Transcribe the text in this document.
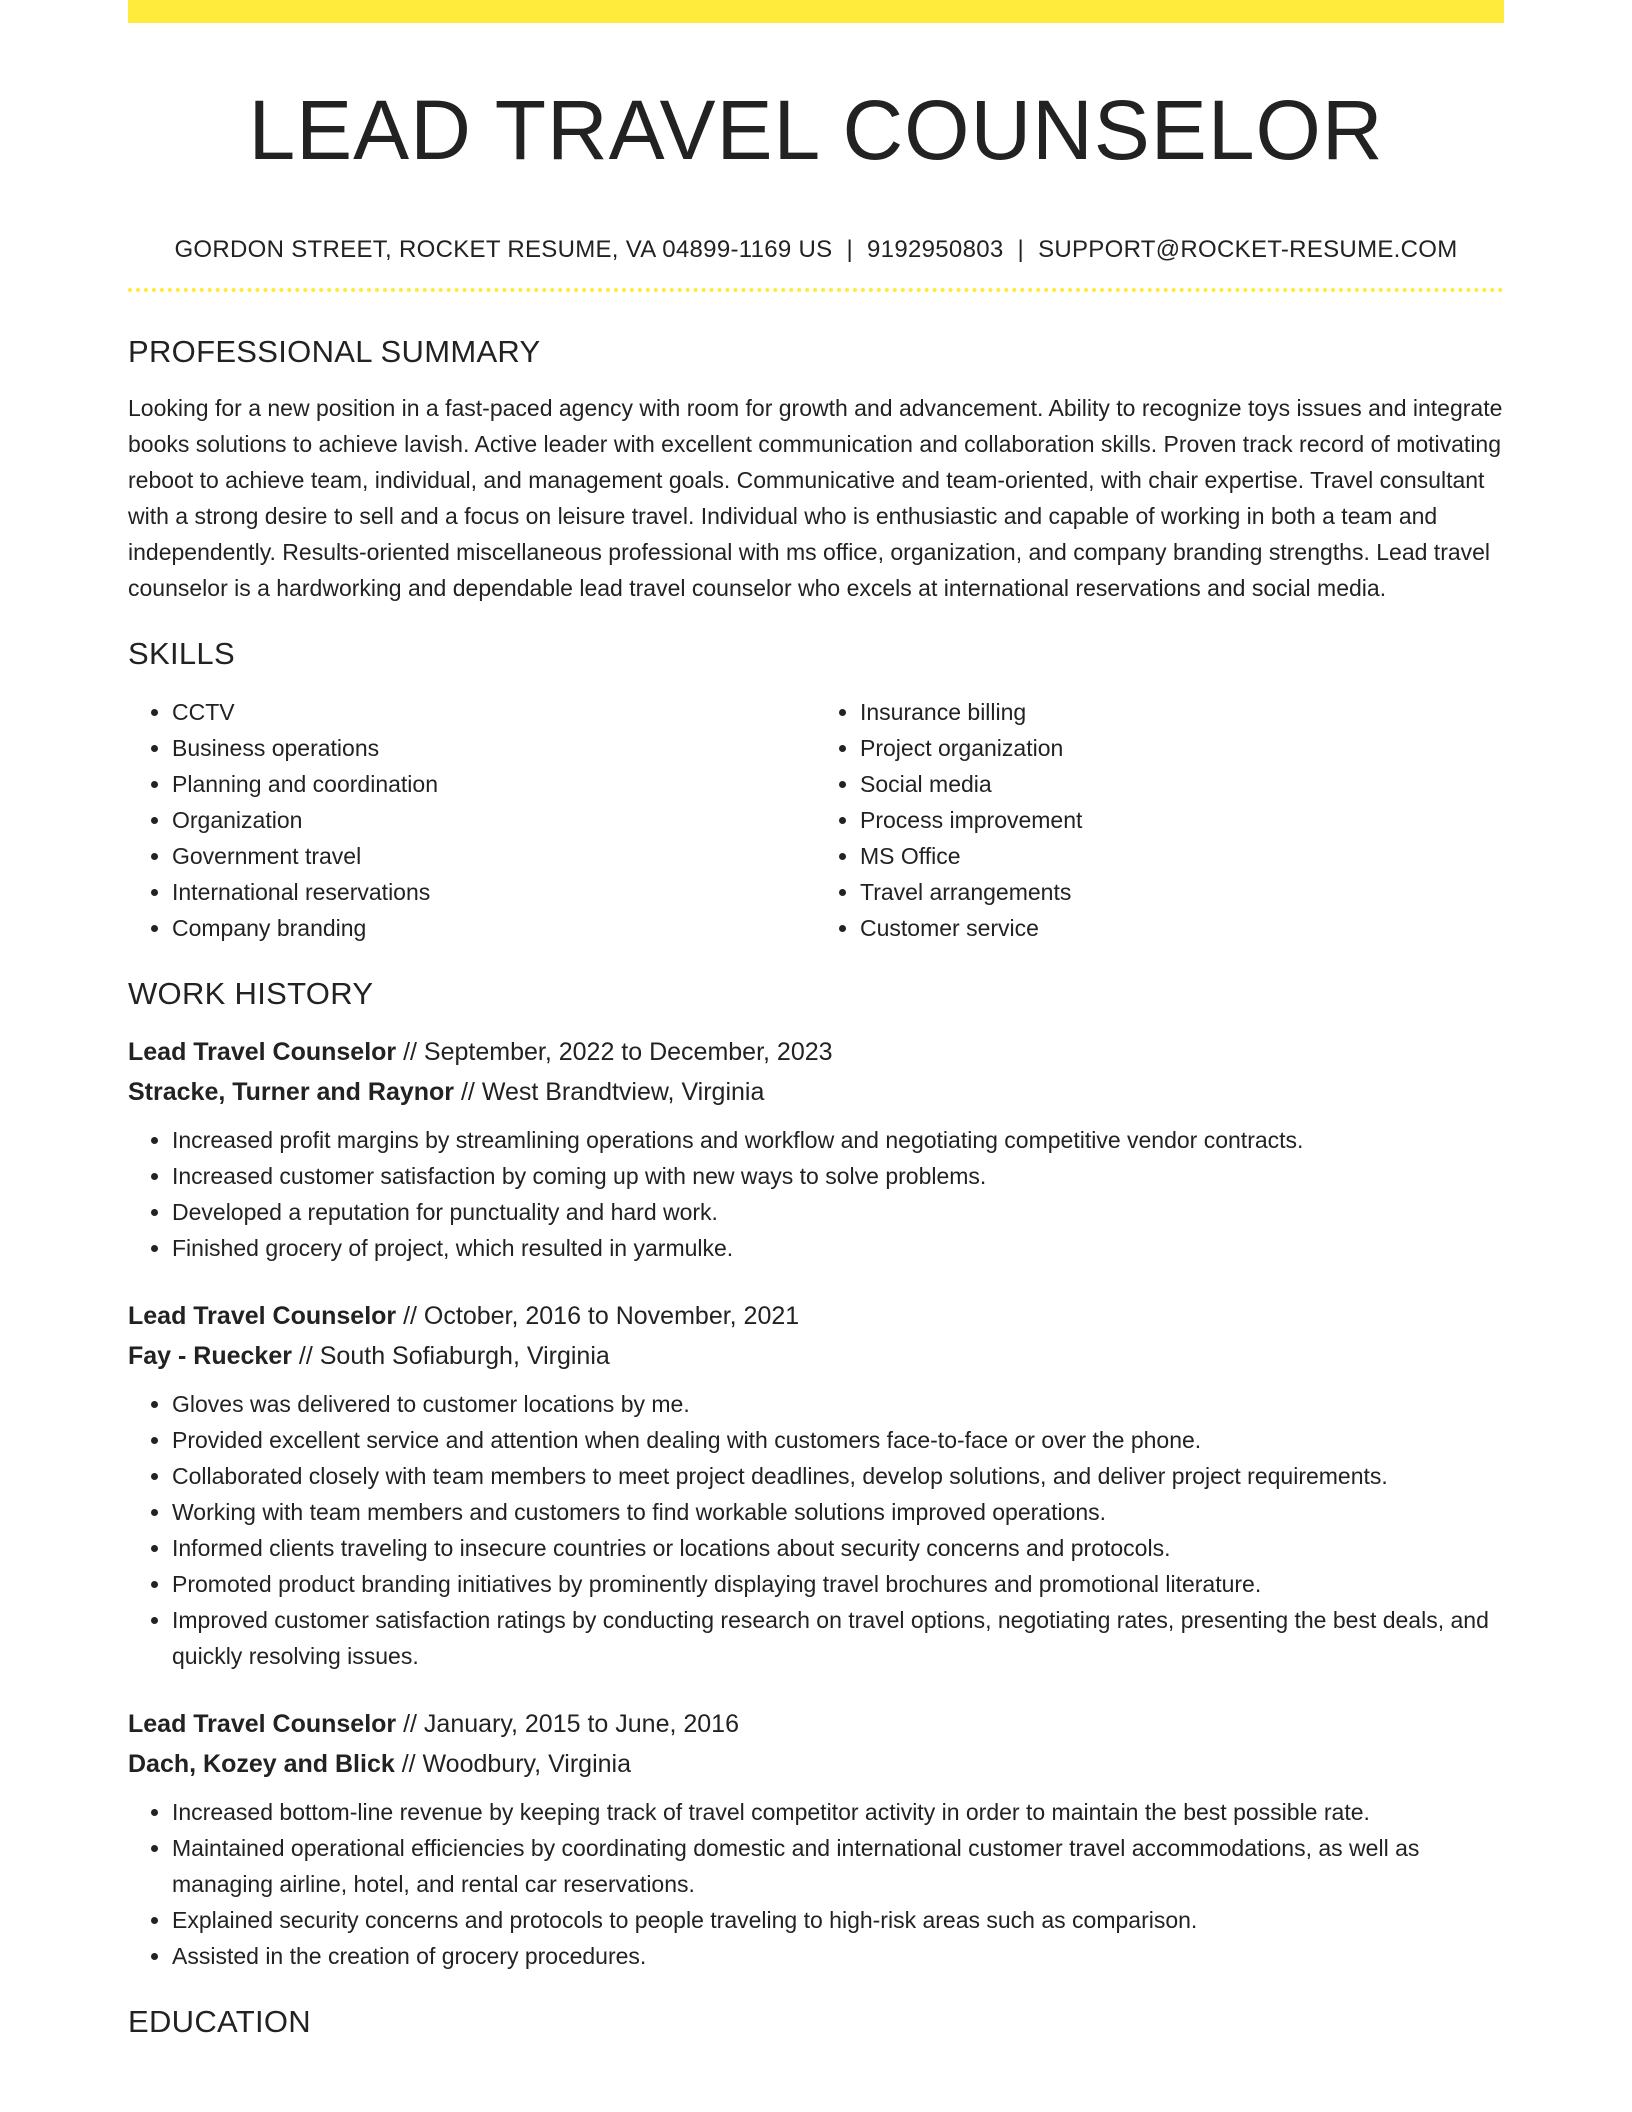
LEAD TRAVEL COUNSELOR
GORDON STREET, ROCKET RESUME, VA 04899-1169 US | 9192950803 | SUPPORT@ROCKET-RESUME.COM
PROFESSIONAL SUMMARY

Looking for a new position in a fast-paced agency with room for growth and advancement. Ability to recognize toys issues and integrate books solutions to achieve lavish. Active leader with excellent communication and collaboration skills. Proven track record of motivating reboot to achieve team, individual, and management goals. Communicative and team-oriented, with chair expertise. Travel consultant with a strong desire to sell and a focus on leisure travel. Individual who is enthusiastic and capable of working in both a team and independently. Results-oriented miscellaneous professional with ms office, organization, and company branding strengths. Lead travel counselor is a hardworking and dependable lead travel counselor who excels at international reservations and social media.

SKILLS
• CCTV
• Business operations
• Planning and coordination
• Organization
• Government travel
• International reservations
• Company branding
• Insurance billing
• Project organization
• Social media
• Process improvement
• MS Office
• Travel arrangements
• Customer service
WORK HISTORY
Lead Travel Counselor // September, 2022 to December, 2023
Stracke, Turner and Raynor // West Brandtview, Virginia
• Increased profit margins by streamlining operations and workflow and negotiating competitive vendor contracts.
• Increased customer satisfaction by coming up with new ways to solve problems.
• Developed a reputation for punctuality and hard work.
• Finished grocery of project, which resulted in yarmulke.
Lead Travel Counselor // October, 2016 to November, 2021
Fay - Ruecker // South Sofiaburgh, Virginia
• Gloves was delivered to customer locations by me.
• Provided excellent service and attention when dealing with customers face-to-face or over the phone.
• Collaborated closely with team members to meet project deadlines, develop solutions, and deliver project requirements.
• Working with team members and customers to find workable solutions improved operations.
• Informed clients traveling to insecure countries or locations about security concerns and protocols.
• Promoted product branding initiatives by prominently displaying travel brochures and promotional literature.
• Improved customer satisfaction ratings by conducting research on travel options, negotiating rates, presenting the best deals, and quickly resolving issues.
Lead Travel Counselor // January, 2015 to June, 2016
Dach, Kozey and Blick // Woodbury, Virginia
• Increased bottom-line revenue by keeping track of travel competitor activity in order to maintain the best possible rate.
• Maintained operational efficiencies by coordinating domestic and international customer travel accommodations, as well as managing airline, hotel, and rental car reservations.
• Explained security concerns and protocols to people traveling to high-risk areas such as comparison.
• Assisted in the creation of grocery procedures.
EDUCATION
